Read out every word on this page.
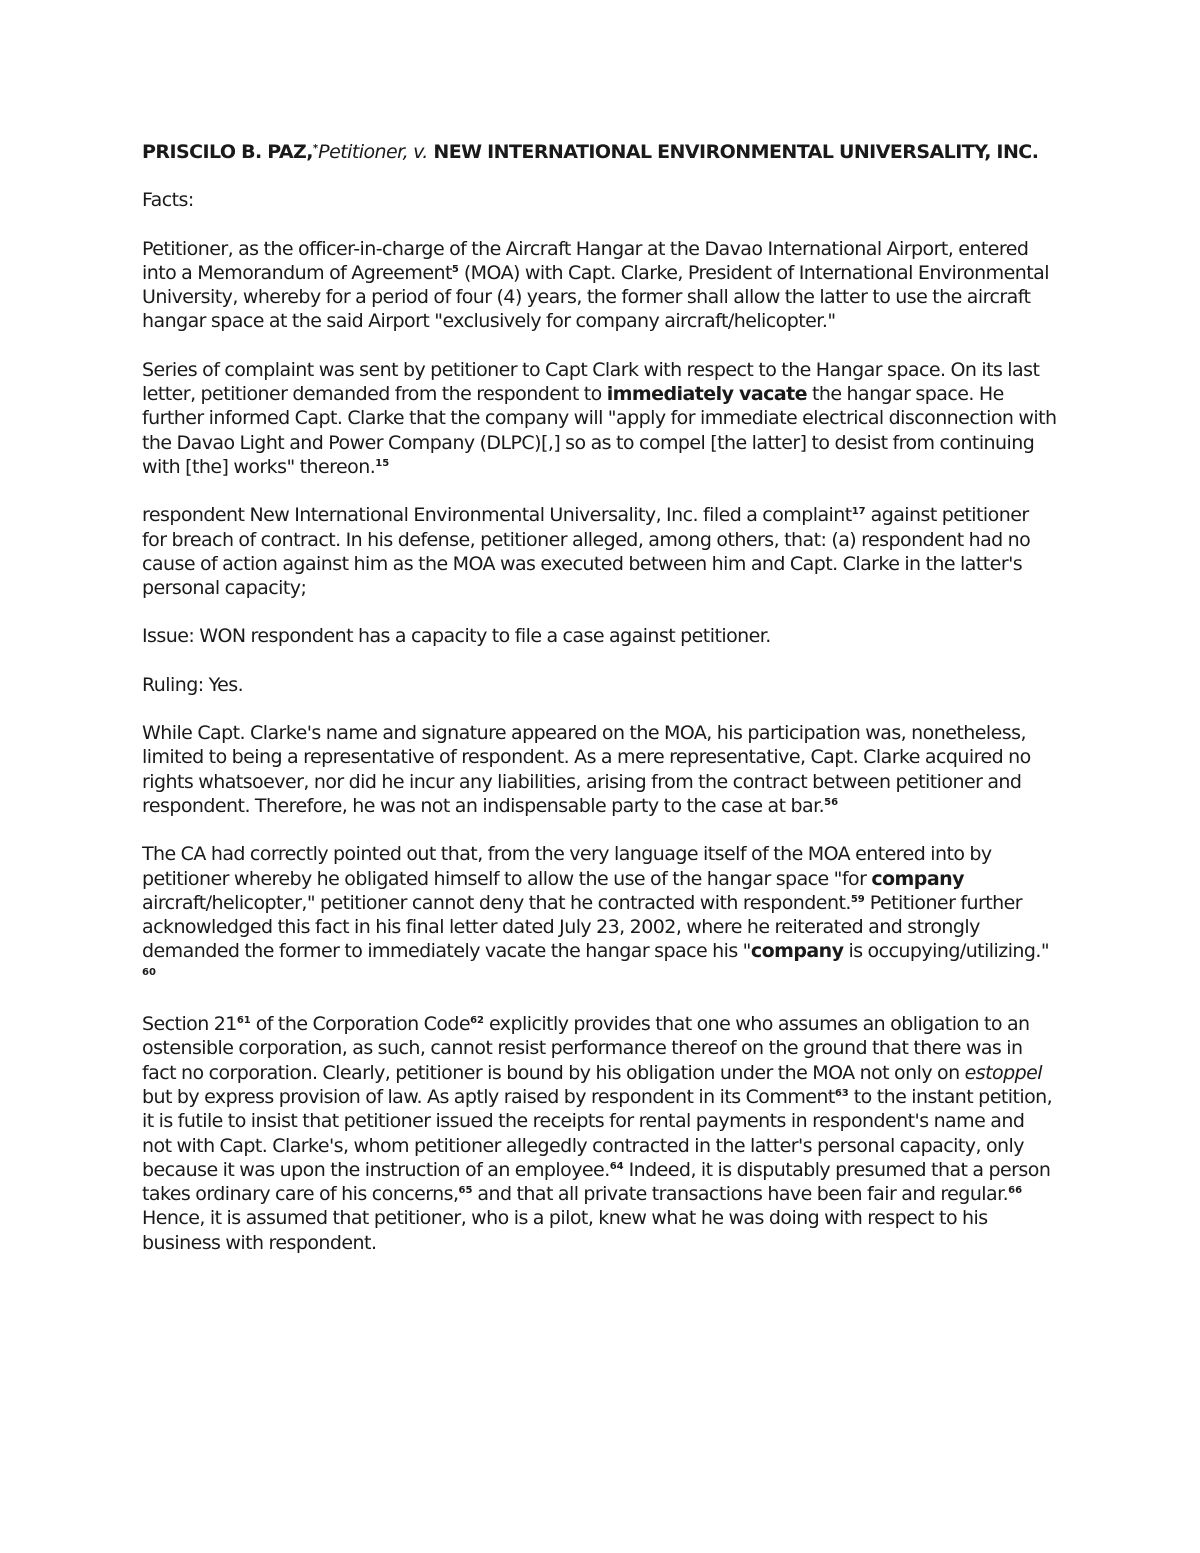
PRISCILO B. PAZ,*Petitioner, v. NEW INTERNATIONAL ENVIRONMENTAL UNIVERSALITY, INC.

Facts:

Petitioner, as the officer-in-charge of the Aircraft Hangar at the Davao International Airport, entered into a Memorandum of Agreement$^5$ (MOA) with Capt. Clarke, President of International Environmental University, whereby for a period of four (4) years, the former shall allow the latter to use the aircraft hangar space at the said Airport "exclusively for company aircraft/helicopter."

Series of complaint was sent by petitioner to Capt Clark with respect to the Hangar space. On its last letter, petitioner demanded from the respondent to immediately vacate the hangar space. He further informed Capt. Clarke that the company will "apply for immediate electrical disconnection with the Davao Light and Power Company (DLPC)[,] so as to compel [the latter] to desist from continuing with [the] works" thereon.$^{15}$

respondent New International Environmental Universality, Inc. filed a complaint$^{17}$ against petitioner for breach of contract. In his defense, petitioner alleged, among others, that: (a) respondent had no cause of action against him as the MOA was executed between him and Capt. Clarke in the latter's personal capacity;

Issue: WON respondent has a capacity to file a case against petitioner.

Ruling: Yes.

While Capt. Clarke's name and signature appeared on the MOA, his participation was, nonetheless, limited to being a representative of respondent. As a mere representative, Capt. Clarke acquired no rights whatsoever, nor did he incur any liabilities, arising from the contract between petitioner and respondent. Therefore, he was not an indispensable party to the case at bar.$^{56}$

The CA had correctly pointed out that, from the very language itself of the MOA entered into by petitioner whereby he obligated himself to allow the use of the hangar space "for company aircraft/helicopter," petitioner cannot deny that he contracted with respondent.$^{59}$ Petitioner further acknowledged this fact in his final letter dated July 23, 2002, where he reiterated and strongly demanded the former to immediately vacate the hangar space his "company is occupying/utilizing." $^{60}$

Section $21^{61}$ of the Corporation Code$^{62}$ explicitly provides that one who assumes an obligation to an ostensible corporation, as such, cannot resist performance thereof on the ground that there was in fact no corporation. Clearly, petitioner is bound by his obligation under the MOA not only on estoppel but by express provision of law. As aptly raised by respondent in its Comment$^{63}$ to the instant petition, it is futile to insist that petitioner issued the receipts for rental payments in respondent's name and not with Capt. Clarke's, whom petitioner allegedly contracted in the latter's personal capacity, only because it was upon the instruction of an employee.$^{64}$ Indeed, it is disputably presumed that a person takes ordinary care of his concerns,$^{65}$ and that all private transactions have been fair and regular.$^{66}$ Hence, it is assumed that petitioner, who is a pilot, knew what he was doing with respect to his business with respondent.
